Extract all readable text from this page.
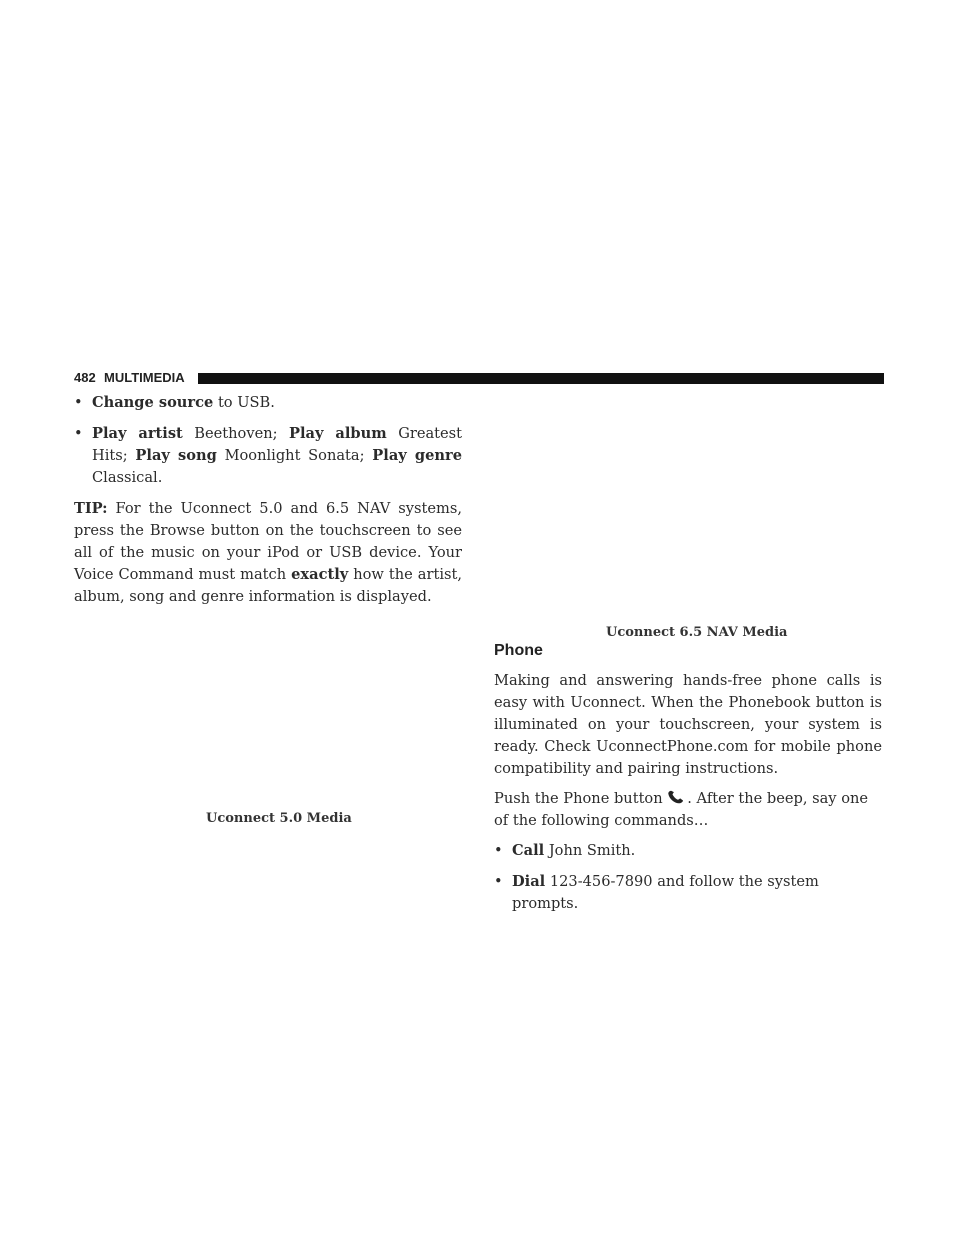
482 MULTIMEDIA
• Change source to USB.
• Play artist Beethoven; Play album Greatest Hits; Play song Moonlight Sonata; Play genre Classical.

TIP: For the Uconnect 5.0 and 6.5 NAV systems, press the Browse button on the touchscreen to see all of the music on your iPod or USB device. Your Voice Command must match exactly how the artist, album, song and genre information is displayed.

Uconnect 5.0 Media
Uconnect 6.5 NAV Media
Phone

Making and answering hands-free phone calls is easy with Uconnect. When the Phonebook button is illuminated on your touchscreen, your system is ready. Check UconnectPhone.com for mobile phone compatibility and pairing instructions.

Push the Phone button . After the beep, say one of the following commands…

• Call John Smith.
• Dial 123-456-7890 and follow the system prompts.
